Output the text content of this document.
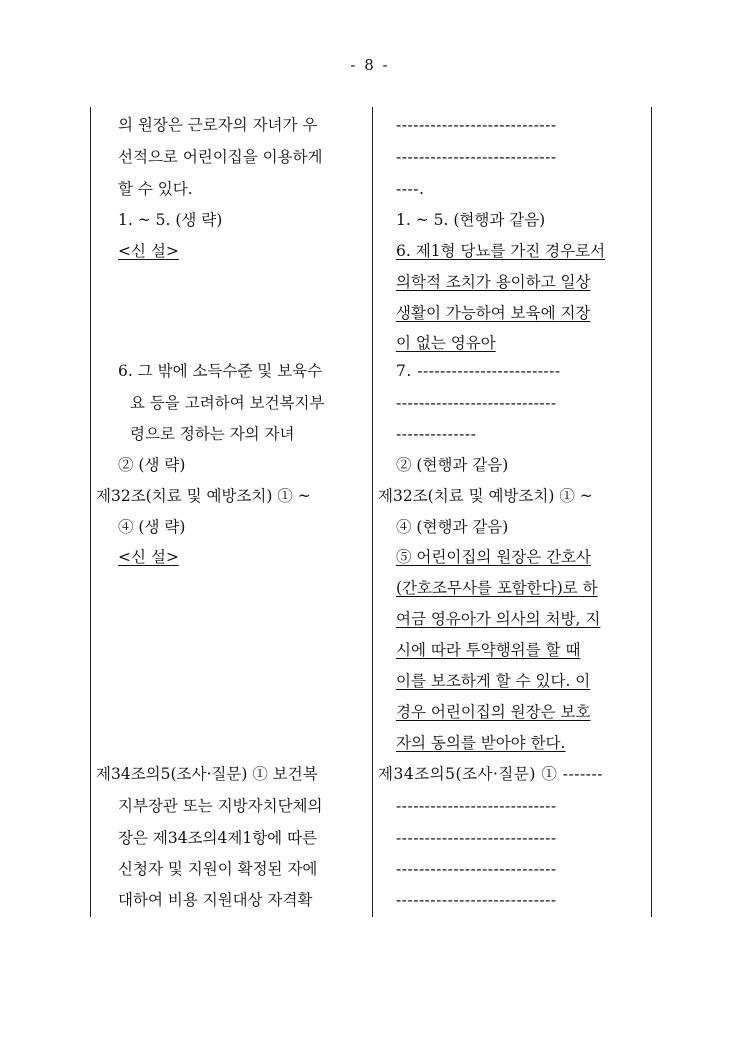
- 8 -
의 원장은 근로자의 자녀가 우
선적으로 어린이집을 이용하게
할 수 있다.
1. ~ 5. (생 략)
<신 설>
6. 그 밖에 소득수준 및 보육수
요 등을 고려하여 보건복지부
령으로 정하는 자의 자녀
② (생 략)
제32조(치료 및 예방조치) ① ~
④ (생 략)
<신 설>
제34조의5(조사·질문) ① 보건복
지부장관 또는 지방자치단체의
장은 제34조의4제1항에 따른
신청자 및 지원이 확정된 자에
대하여 비용 지원대상 자격확
----------------------------
----------------------------
----.
1. ~ 5. (현행과 같음)
6. 제1형 당뇨를 가진 경우로서
의학적 조치가 용이하고 일상
생활이 가능하여 보육에 지장
이 없는 영유아
7. -------------------------
----------------------------
--------------
② (현행과 같음)
제32조(치료 및 예방조치) ① ~
④ (현행과 같음)
⑤ 어린이집의 원장은 간호사
(간호조무사를 포함한다)로 하
여금 영유아가 의사의 처방, 지
시에 따라 투약행위를 할 때
이를 보조하게 할 수 있다. 이
경우 어린이집의 원장은 보호
자의 동의를 받아야 한다.
제34조의5(조사·질문) ① -------
----------------------------
----------------------------
----------------------------
----------------------------
